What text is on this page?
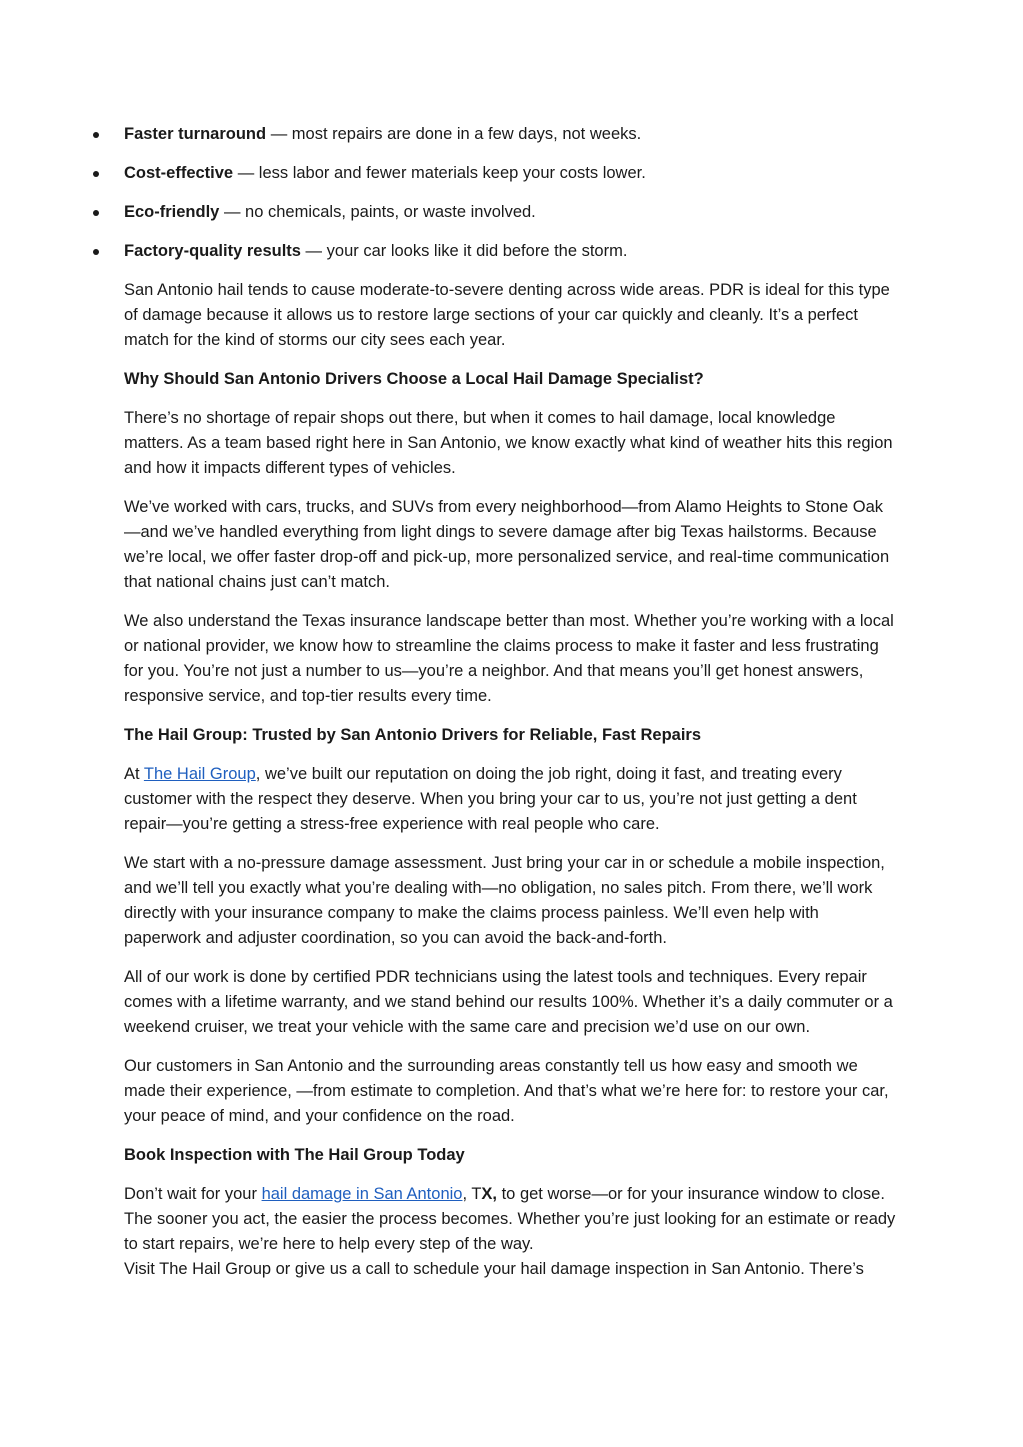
Faster turnaround — most repairs are done in a few days, not weeks.
Cost-effective — less labor and fewer materials keep your costs lower.
Eco-friendly — no chemicals, paints, or waste involved.
Factory-quality results — your car looks like it did before the storm.

San Antonio hail tends to cause moderate-to-severe denting across wide areas. PDR is ideal for this type of damage because it allows us to restore large sections of your car quickly and cleanly. It’s a perfect match for the kind of storms our city sees each year.

Why Should San Antonio Drivers Choose a Local Hail Damage Specialist?

There’s no shortage of repair shops out there, but when it comes to hail damage, local knowledge matters. As a team based right here in San Antonio, we know exactly what kind of weather hits this region and how it impacts different types of vehicles.

We’ve worked with cars, trucks, and SUVs from every neighborhood—from Alamo Heights to Stone Oak—and we’ve handled everything from light dings to severe damage after big Texas hailstorms. Because we’re local, we offer faster drop-off and pick-up, more personalized service, and real-time communication that national chains just can’t match.

We also understand the Texas insurance landscape better than most. Whether you’re working with a local or national provider, we know how to streamline the claims process to make it faster and less frustrating for you. You’re not just a number to us—you’re a neighbor. And that means you’ll get honest answers, responsive service, and top-tier results every time.

The Hail Group: Trusted by San Antonio Drivers for Reliable, Fast Repairs

At The Hail Group, we’ve built our reputation on doing the job right, doing it fast, and treating every customer with the respect they deserve. When you bring your car to us, you’re not just getting a dent repair—you’re getting a stress-free experience with real people who care.

We start with a no-pressure damage assessment. Just bring your car in or schedule a mobile inspection, and we’ll tell you exactly what you’re dealing with—no obligation, no sales pitch. From there, we’ll work directly with your insurance company to make the claims process painless. We’ll even help with paperwork and adjuster coordination, so you can avoid the back-and-forth.

All of our work is done by certified PDR technicians using the latest tools and techniques. Every repair comes with a lifetime warranty, and we stand behind our results 100%. Whether it’s a daily commuter or a weekend cruiser, we treat your vehicle with the same care and precision we’d use on our own.

Our customers in San Antonio and the surrounding areas constantly tell us how easy and smooth we made their experience, —from estimate to completion. And that’s what we’re here for: to restore your car, your peace of mind, and your confidence on the road.

Book Inspection with The Hail Group Today

Don’t wait for your hail damage in San Antonio, TX, to get worse—or for your insurance window to close. The sooner you act, the easier the process becomes. Whether you’re just looking for an estimate or ready to start repairs, we’re here to help every step of the way.

Visit The Hail Group or give us a call to schedule your hail damage inspection in San Antonio. There’s
